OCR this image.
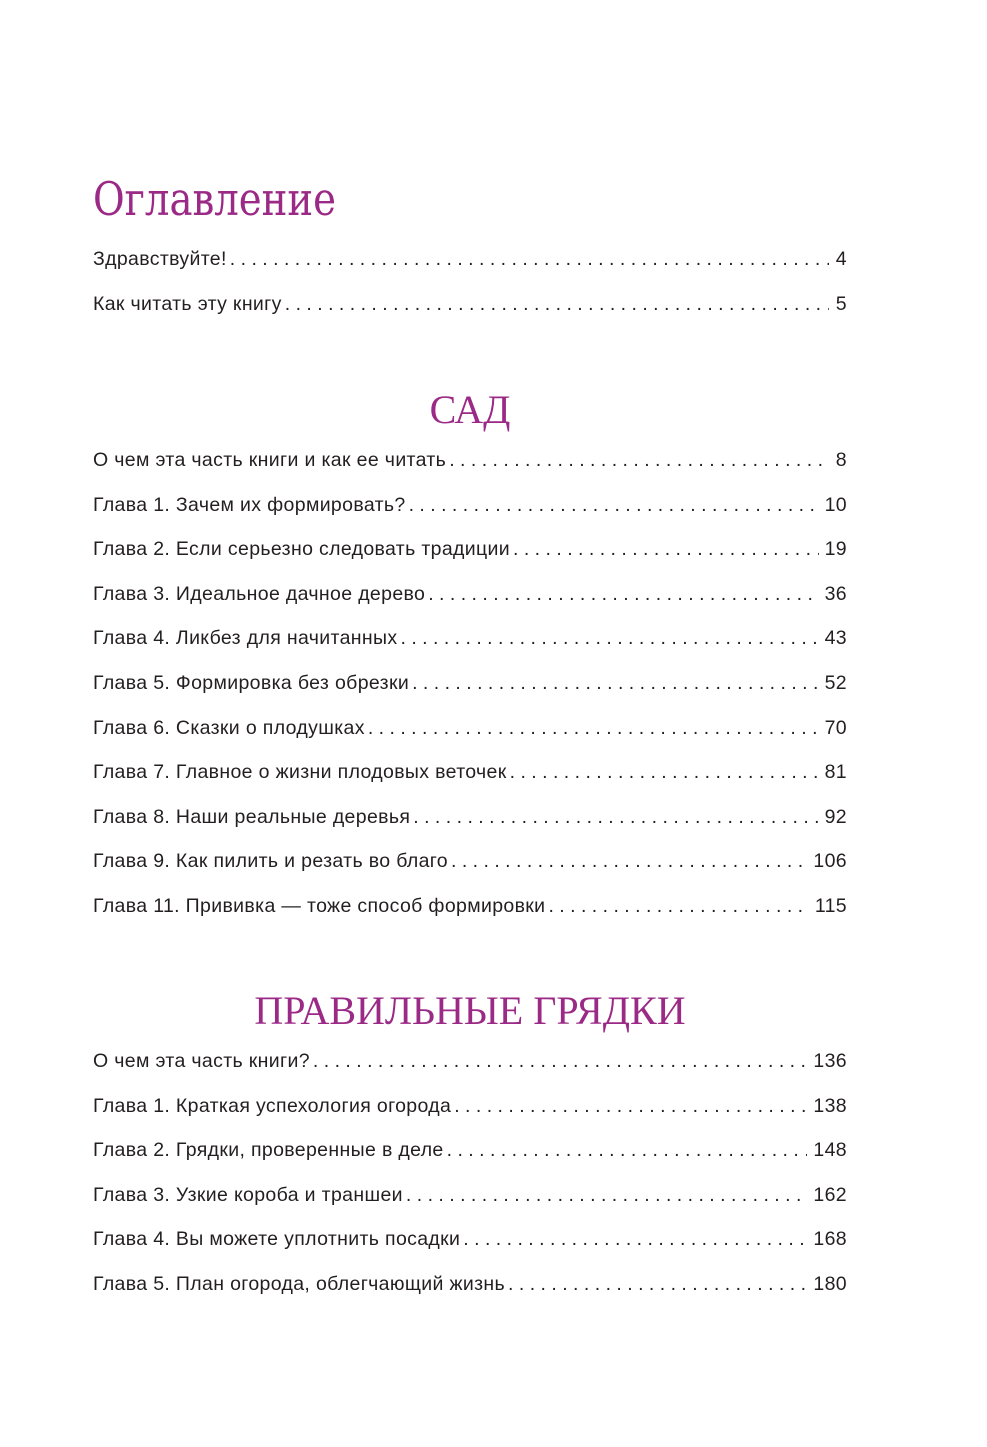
Оглавление
Здравствуйте! . . .	4
Как читать эту книгу . . .	5
САД
О чем эта часть книги и как ее читать . . .	8
Глава 1. Зачем их формировать? . . .	10
Глава 2. Если серьезно следовать традиции . . .	19
Глава 3. Идеальное дачное дерево . . .	36
Глава 4. Ликбез для начитанных . . .	43
Глава 5. Формировка без обрезки . . .	52
Глава 6. Сказки о плодушках . . .	70
Глава 7. Главное о жизни плодовых веточек . . .	81
Глава 8. Наши реальные деревья . . .	92
Глава 9. Как пилить и резать во благо . . .	106
Глава 11. Прививка — тоже способ формировки . . .	115
ПРАВИЛЬНЫЕ ГРЯДКИ
О чем эта часть книги? . . .	136
Глава 1. Краткая успехология огорода . . .	138
Глава 2. Грядки, проверенные в деле . . .	148
Глава 3. Узкие короба и траншеи . . .	162
Глава 4. Вы можете уплотнить посадки . . .	168
Глава 5. План огорода, облегчающий жизнь . . .	180
